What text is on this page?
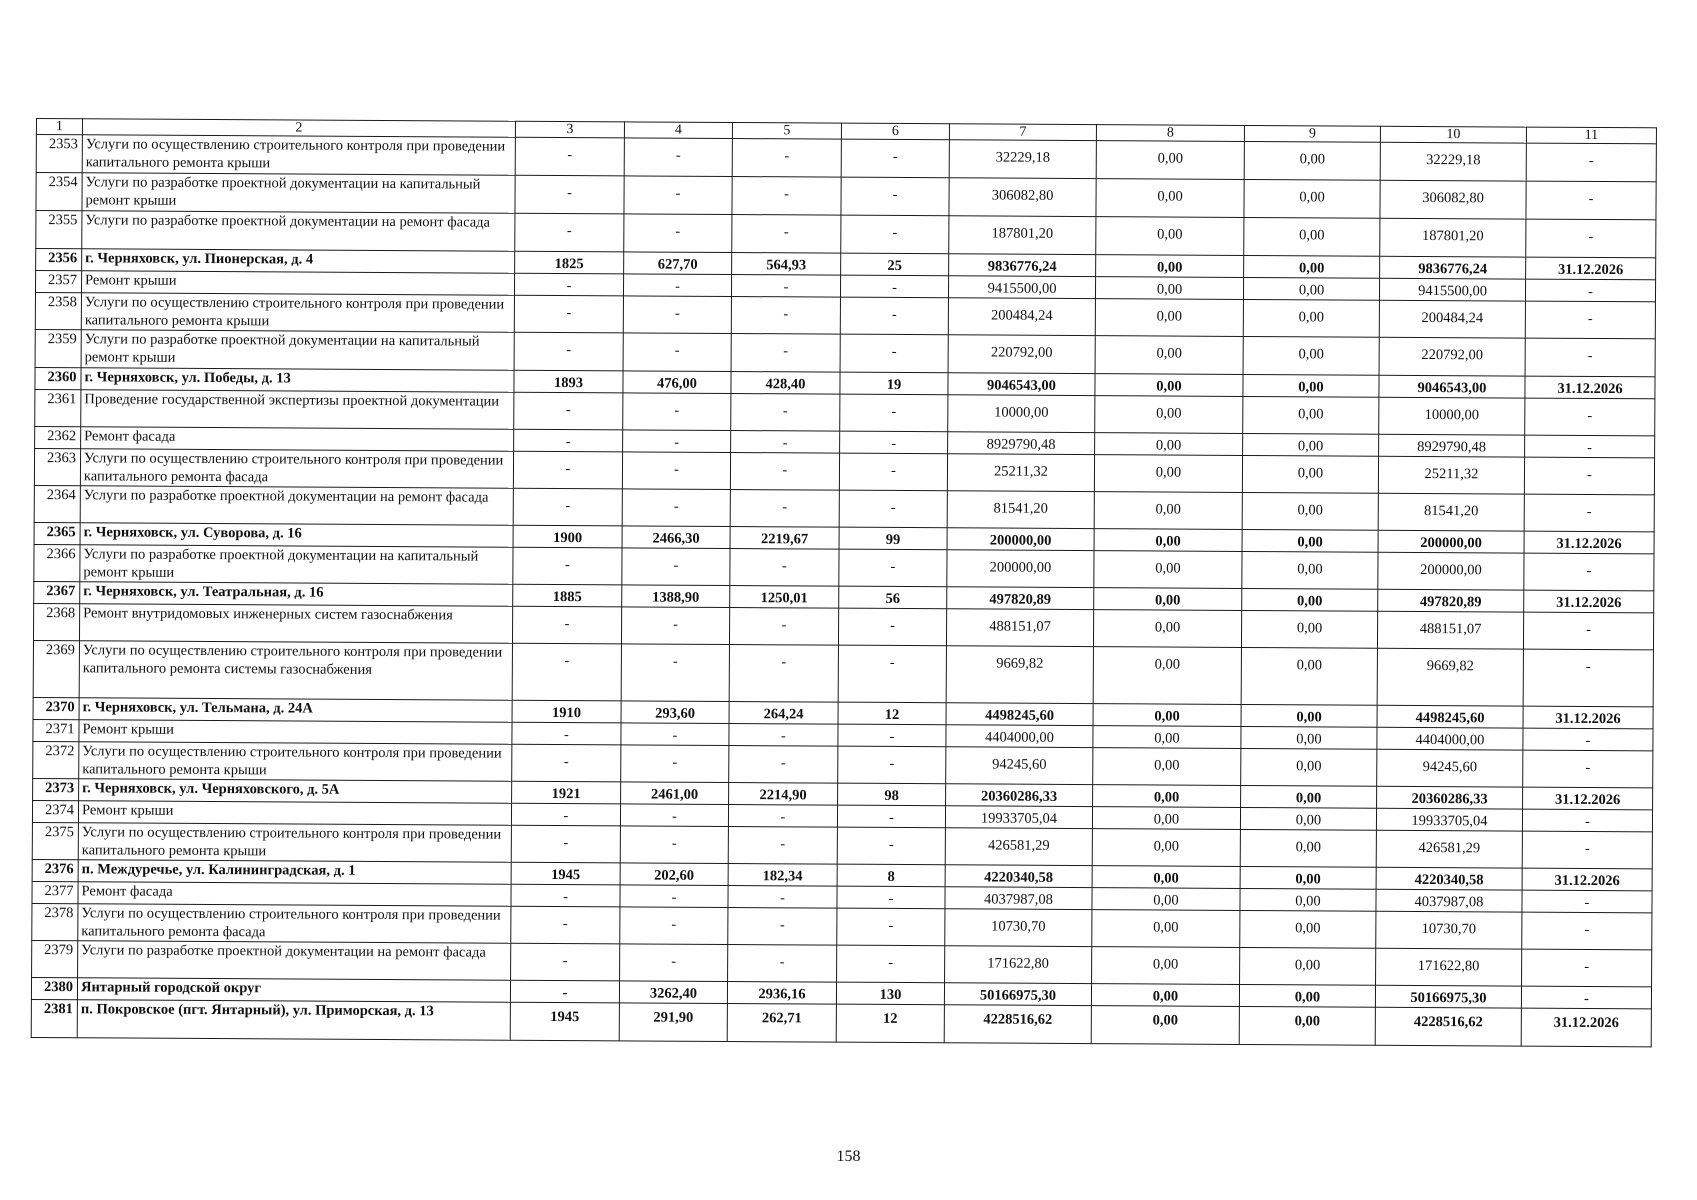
1	2	3	4	5	6	7	8	9	10	11
2353	Услуги по осуществлению строительного контроля при проведении капитального ремонта крыши	-	-	-	-	32229,18	0,00	0,00	32229,18	-
2354	Услуги по разработке проектной документации на капитальный ремонт крыши	-	-	-	-	306082,80	0,00	0,00	306082,80	-
2355	Услуги по разработке проектной документации на ремонт фасада	-	-	-	-	187801,20	0,00	0,00	187801,20	-
2356	г. Черняховск, ул. Пионерская, д. 4	1825	627,70	564,93	25	9836776,24	0,00	0,00	9836776,24	31.12.2026
2357	Ремонт крыши	-	-	-	-	9415500,00	0,00	0,00	9415500,00	-
2358	Услуги по осуществлению строительного контроля при проведении капитального ремонта крыши	-	-	-	-	200484,24	0,00	0,00	200484,24	-
2359	Услуги по разработке проектной документации на капитальный ремонт крыши	-	-	-	-	220792,00	0,00	0,00	220792,00	-
2360	г. Черняховск, ул. Победы, д. 13	1893	476,00	428,40	19	9046543,00	0,00	0,00	9046543,00	31.12.2026
2361	Проведение государственной экспертизы проектной документации	-	-	-	-	10000,00	0,00	0,00	10000,00	-
2362	Ремонт фасада	-	-	-	-	8929790,48	0,00	0,00	8929790,48	-
2363	Услуги по осуществлению строительного контроля при проведении капитального ремонта фасада	-	-	-	-	25211,32	0,00	0,00	25211,32	-
2364	Услуги по разработке проектной документации на ремонт фасада	-	-	-	-	81541,20	0,00	0,00	81541,20	-
2365	г. Черняховск, ул. Суворова, д. 16	1900	2466,30	2219,67	99	200000,00	0,00	0,00	200000,00	31.12.2026
2366	Услуги по разработке проектной документации на капитальный ремонт крыши	-	-	-	-	200000,00	0,00	0,00	200000,00	-
2367	г. Черняховск, ул. Театральная, д. 16	1885	1388,90	1250,01	56	497820,89	0,00	0,00	497820,89	31.12.2026
2368	Ремонт внутридомовых инженерных систем газоснабжения	-	-	-	-	488151,07	0,00	0,00	488151,07	-
2369	Услуги по осуществлению строительного контроля при проведении капитального ремонта системы газоснабжения	-	-	-	-	9669,82	0,00	0,00	9669,82	-
2370	г. Черняховск, ул. Тельмана, д. 24А	1910	293,60	264,24	12	4498245,60	0,00	0,00	4498245,60	31.12.2026
2371	Ремонт крыши	-	-	-	-	4404000,00	0,00	0,00	4404000,00	-
2372	Услуги по осуществлению строительного контроля при проведении капитального ремонта крыши	-	-	-	-	94245,60	0,00	0,00	94245,60	-
2373	г. Черняховск, ул. Черняховского, д. 5А	1921	2461,00	2214,90	98	20360286,33	0,00	0,00	20360286,33	31.12.2026
2374	Ремонт крыши	-	-	-	-	19933705,04	0,00	0,00	19933705,04	-
2375	Услуги по осуществлению строительного контроля при проведении капитального ремонта крыши	-	-	-	-	426581,29	0,00	0,00	426581,29	-
2376	п. Междуречье, ул. Калининградская, д. 1	1945	202,60	182,34	8	4220340,58	0,00	0,00	4220340,58	31.12.2026
2377	Ремонт фасада	-	-	-	-	4037987,08	0,00	0,00	4037987,08	-
2378	Услуги по осуществлению строительного контроля при проведении капитального ремонта фасада	-	-	-	-	10730,70	0,00	0,00	10730,70	-
2379	Услуги по разработке проектной документации на ремонт фасада	-	-	-	-	171622,80	0,00	0,00	171622,80	-
2380	Янтарный городской округ	-	3262,40	2936,16	130	50166975,30	0,00	0,00	50166975,30	-
2381	п. Покровское (пгт. Янтарный), ул. Приморская, д. 13	1945	291,90	262,71	12	4228516,62	0,00	0,00	4228516,62	31.12.2026
158
